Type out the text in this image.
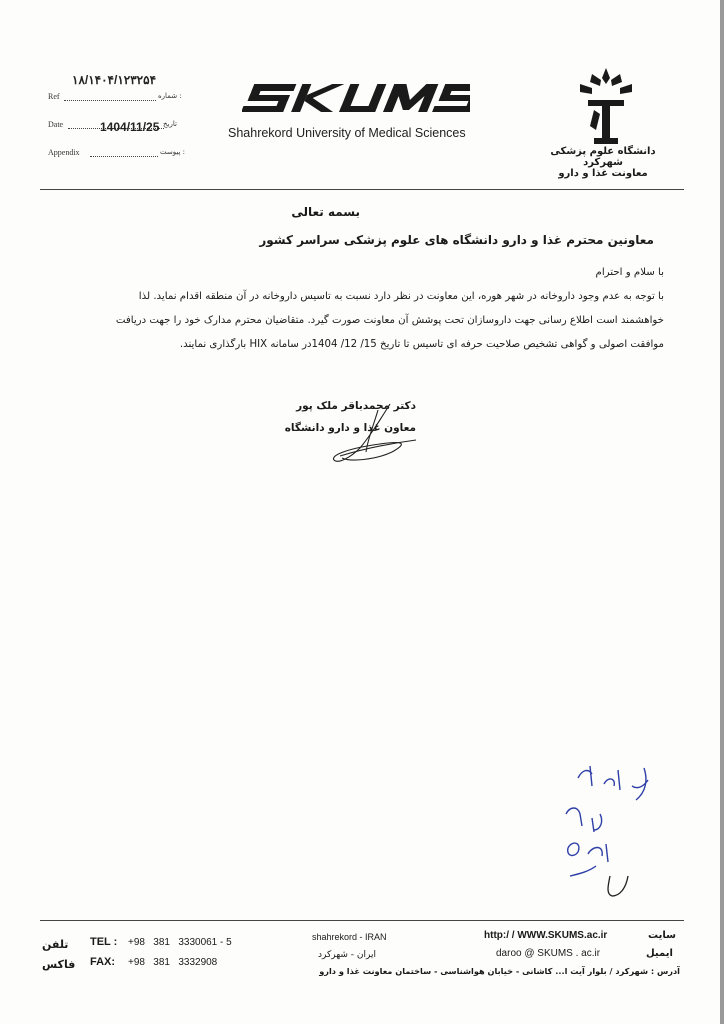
Ref	شماره :
۱۸/۱۴۰۴/۱۲۳۲۵۴
Date	تاریخ
1404/11/25
Appendix	پیوست :
Shahrekord University of Medical Sciences
دانشگاه علوم پزشکی شهرکرد
معاونت غذا و دارو
بسمه تعالی
معاونین محترم غذا و دارو دانشگاه های علوم پزشکی سراسر کشور
با سلام و احترام
با توجه به عدم وجود داروخانه در شهر هوره، این معاونت در نظر دارد نسبت به تاسیس داروخانه در آن منطقه اقدام نماید. لذا
خواهشمند است اطلاع رسانی جهت داروسازان تحت پوشش آن معاونت صورت گیرد. متقاضیان محترم مدارک خود را جهت دریافت
موافقت اصولی و گواهی تشخیص صلاحیت حرفه ای تاسیس تا تاریخ 15/ 12/ 1404در سامانه HIX بارگذاری نمایند.
دکتر محمدباقر ملک پور
معاون غذا و دارو دانشگاه
تلفن TEL : +98   381   3330061 - 5
فاکس FAX: +98   381   3332908
shahrekord - IRAN
ایران - شهرکرد
http:/ / WWW.SKUMS.ac.ir	سایت
daroo @ SKUMS . ac.ir	ایمیل
آدرس : شهرکرد / بلوار آیت ا... کاشانی - خیابان هواشناسی - ساختمان معاونت غذا و دارو
